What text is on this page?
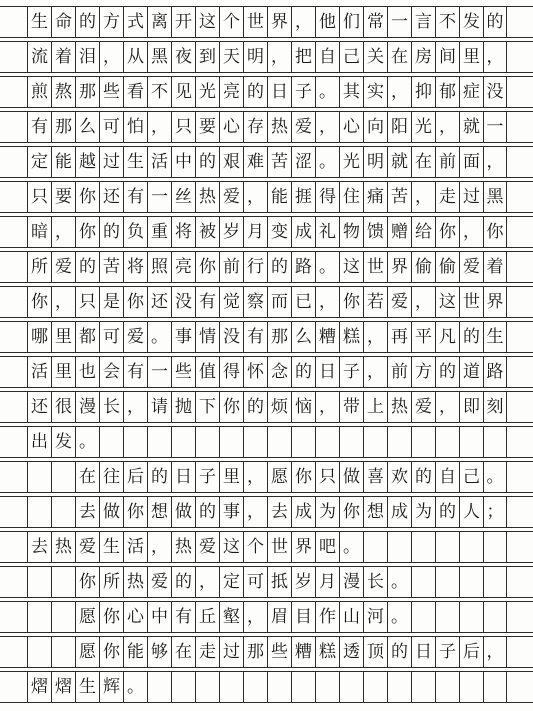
生 命 的 方 式 离 开 这 个 世 界 ， 他 们 常 一 言 不 发 的
流 着 泪 ， 从 黑 夜 到 天 明 ， 把 自 己 关 在 房 间 里 ，
煎 熬 那 些 看 不 见 光 亮 的 日 子 。 其 实 ， 抑 郁 症 没
有 那 么 可 怕 ， 只 要 心 存 热 爱 ， 心 向 阳 光 ， 就 一
定 能 越 过 生 活 中 的 艰 难 苦 涩 。 光 明 就 在 前 面 ，
只 要 你 还 有 一 丝 热 爱 ， 能 捱 得 住 痛 苦 ， 走 过 黑
暗 ， 你 的 负 重 将 被 岁 月 变 成 礼 物 馈 赠 给 你 ， 你
所 爱 的 苦 将 照 亮 你 前 行 的 路 。 这 世 界 偷 偷 爱 着
你 ， 只 是 你 还 没 有 觉 察 而 已 ， 你 若 爱 ， 这 世 界
哪 里 都 可 爱 。 事 情 没 有 那 么 糟 糕 ， 再 平 凡 的 生
活 里 也 会 有 一 些 值 得 怀 念 的 日 子 ， 前 方 的 道 路
还 很 漫 长 ， 请 抛 下 你 的 烦 恼 ， 带 上 热 爱 ， 即 刻
出 发 。
在 往 后 的 日 子 里 ， 愿 你 只 做 喜 欢 的 自 己 。
去 做 你 想 做 的 事 ， 去 成 为 你 想 成 为 的 人 ；
去 热 爱 生 活 ， 热 爱 这 个 世 界 吧 。
你 所 热 爱 的 ， 定 可 抵 岁 月 漫 长 。
愿 你 心 中 有 丘 壑 ， 眉 目 作 山 河 。
愿 你 能 够 在 走 过 那 些 糟 糕 透 顶 的 日 子 后 ，
熠 熠 生 辉 。
